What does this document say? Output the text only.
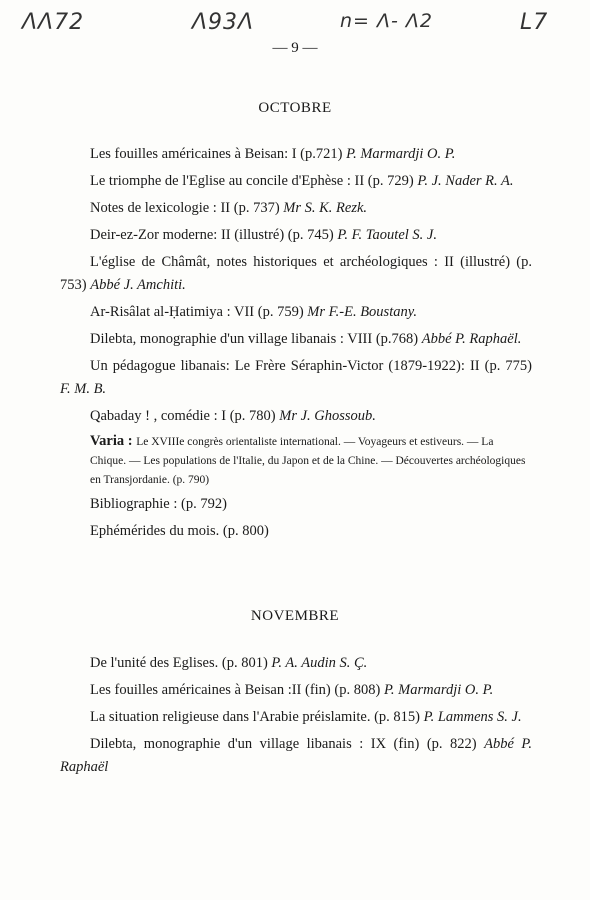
ΛΛ72	Λ93Λ	n= Λ- Λ2	L7
— 9 —
OCTOBRE
Les fouilles américaines à Beisan: I (p.721) P. Marmardji O. P.
Le triomphe de l'Eglise au concile d'Ephèse : II (p. 729) P. J. Nader R. A.
Notes de lexicologie : II (p. 737) Mr S. K. Rezk.
Deir-ez-Zor moderne: II (illustré) (p. 745) P. F. Taoutel S. J.
L'église de Châmât, notes historiques et archéologiques : II (illustré) (p. 753) Abbé J. Amchiti.
Ar-Risâlat al-Ḥatimiya : VII (p. 759) Mr F.-E. Boustany.
Dilebta, monographie d'un village libanais : VIII (p.768) Abbé P. Raphaël.
Un pédagogue libanais: Le Frère Séraphin-Victor (1879-1922): II (p. 775) F. M. B.
Qabaday ! , comédie : I (p. 780) Mr J. Ghossoub.
Varia : Le XVIIIe congrès orientaliste international. — Voyageurs et estiveurs. — La Chique. — Les populations de l'Italie, du Japon et de la Chine. — Découvertes archéologiques en Transjordanie. (p. 790)
Bibliographie : (p. 792)
Ephémérides du mois. (p. 800)
NOVEMBRE
De l'unité des Eglises. (p. 801) P. A. Audin S. Ç.
Les fouilles américaines à Beisan :II (fin) (p. 808) P. Marmardji O. P.
La situation religieuse dans l'Arabie préislamite. (p. 815) P. Lammens S. J.
Dilebta, monographie d'un village libanais : IX (fin) (p. 822) Abbé P. Raphaël
